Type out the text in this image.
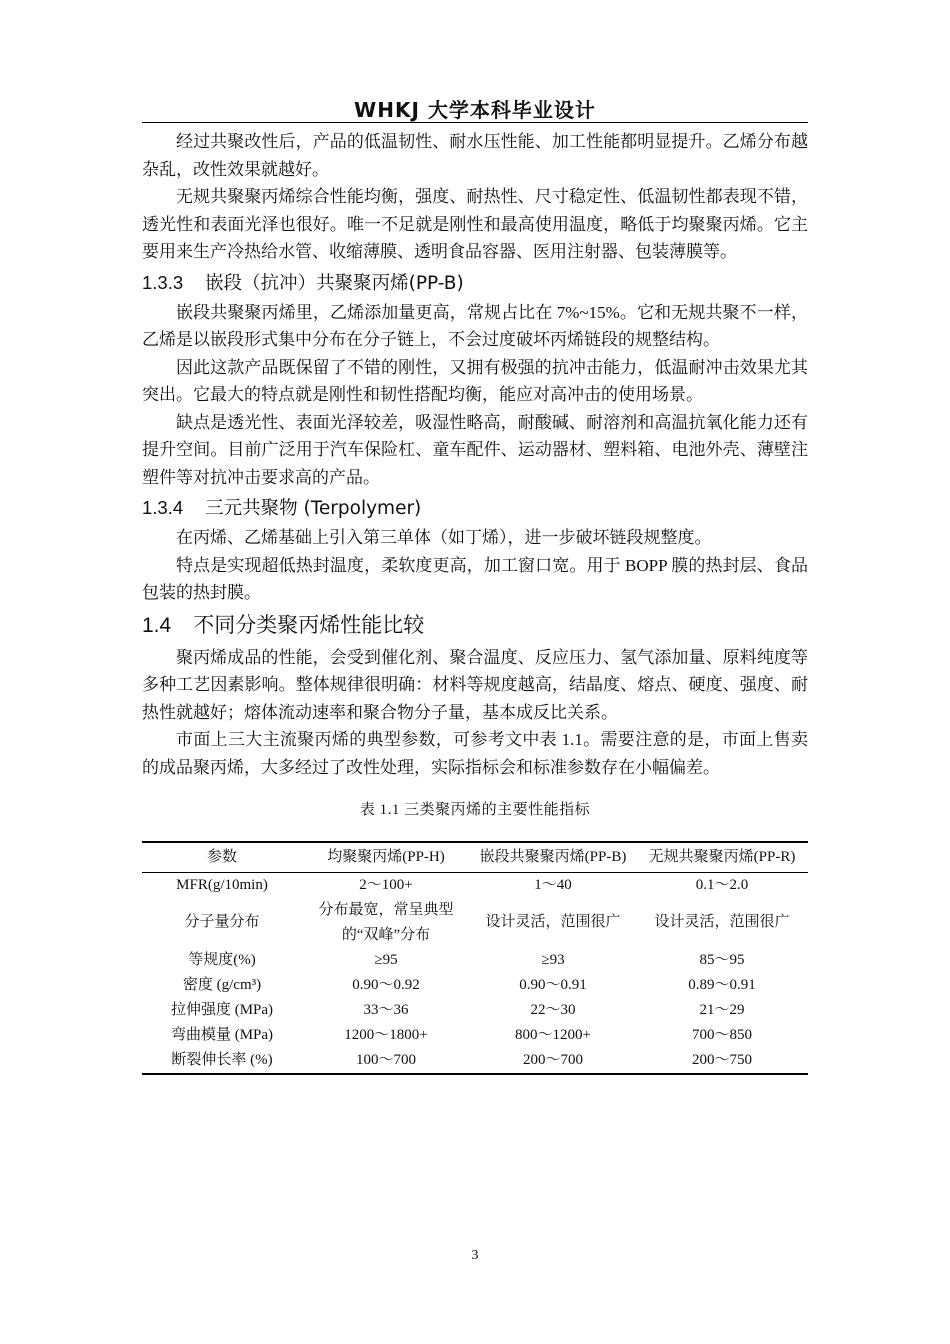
WHKJ 大学本科毕业设计

经过共聚改性后，产品的低温韧性、耐水压性能、加工性能都明显提升。乙烯分布越杂乱，改性效果就越好。

无规共聚聚丙烯综合性能均衡，强度、耐热性、尺寸稳定性、低温韧性都表现不错，透光性和表面光泽也很好。唯一不足就是刚性和最高使用温度，略低于均聚聚丙烯。它主要用来生产冷热给水管、收缩薄膜、透明食品容器、医用注射器、包装薄膜等。

1.3.3 嵌段（抗冲）共聚聚丙烯(PP-B)

嵌段共聚聚丙烯里，乙烯添加量更高，常规占比在 7%~15%。它和无规共聚不一样，乙烯是以嵌段形式集中分布在分子链上，不会过度破坏丙烯链段的规整结构。

因此这款产品既保留了不错的刚性，又拥有极强的抗冲击能力，低温耐冲击效果尤其突出。它最大的特点就是刚性和韧性搭配均衡，能应对高冲击的使用场景。

缺点是透光性、表面光泽较差，吸湿性略高，耐酸碱、耐溶剂和高温抗氧化能力还有提升空间。目前广泛用于汽车保险杠、童车配件、运动器材、塑料箱、电池外壳、薄壁注塑件等对抗冲击要求高的产品。

1.3.4 三元共聚物 (Terpolymer)

在丙烯、乙烯基础上引入第三单体（如丁烯），进一步破坏链段规整度。

特点是实现超低热封温度，柔软度更高，加工窗口宽。用于 BOPP 膜的热封层、食品包装的热封膜。

1.4 不同分类聚丙烯性能比较

聚丙烯成品的性能，会受到催化剂、聚合温度、反应压力、氢气添加量、原料纯度等多种工艺因素影响。整体规律很明确：材料等规度越高，结晶度、熔点、硬度、强度、耐热性就越好；熔体流动速率和聚合物分子量，基本成反比关系。

市面上三大主流聚丙烯的典型参数，可参考文中表 1.1。需要注意的是，市面上售卖的成品聚丙烯，大多经过了改性处理，实际指标会和标准参数存在小幅偏差。

表 1.1 三类聚丙烯的主要性能指标
参数	均聚聚丙烯(PP-H)	嵌段共聚聚丙烯(PP-B)	无规共聚聚丙烯(PP-R)
MFR(g/10min)	2～100+	1～40	0.1～2.0
分子量分布	分布最宽，常呈典型的“双峰”分布	设计灵活，范围很广	设计灵活，范围很广
等规度(%)	≥95	≥93	85～95
密度 (g/cm³)	0.90～0.92	0.90～0.91	0.89～0.91
拉伸强度 (MPa)	33～36	22～30	21～29
弯曲模量 (MPa)	1200～1800+	800～1200+	700～850
断裂伸长率 (%)	100～700	200～700	200～750
3
